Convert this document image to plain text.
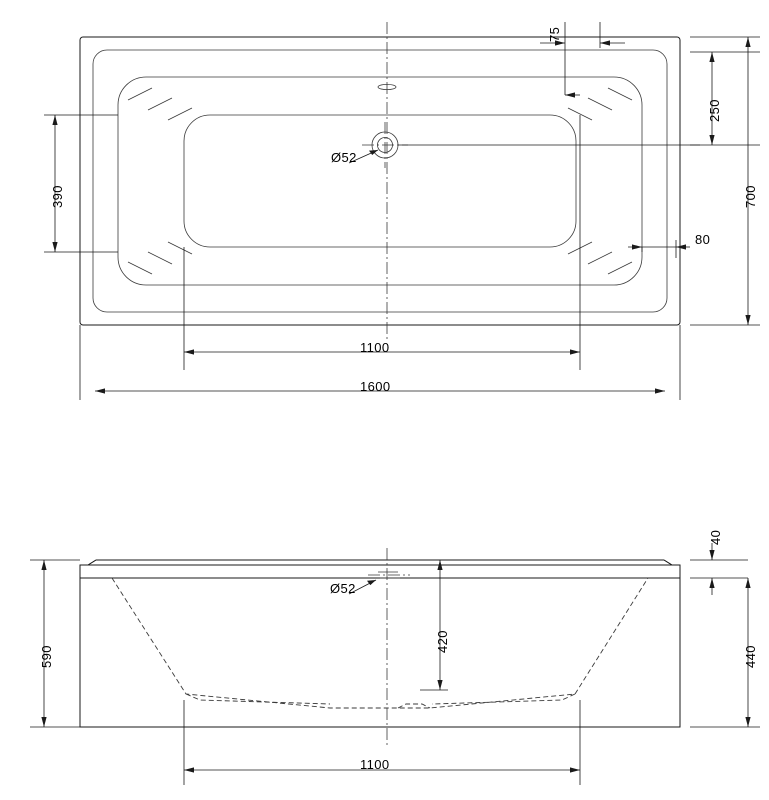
75
250
700
390
80
Ø52
1100
1600
40
440
420
590
Ø52
1100
